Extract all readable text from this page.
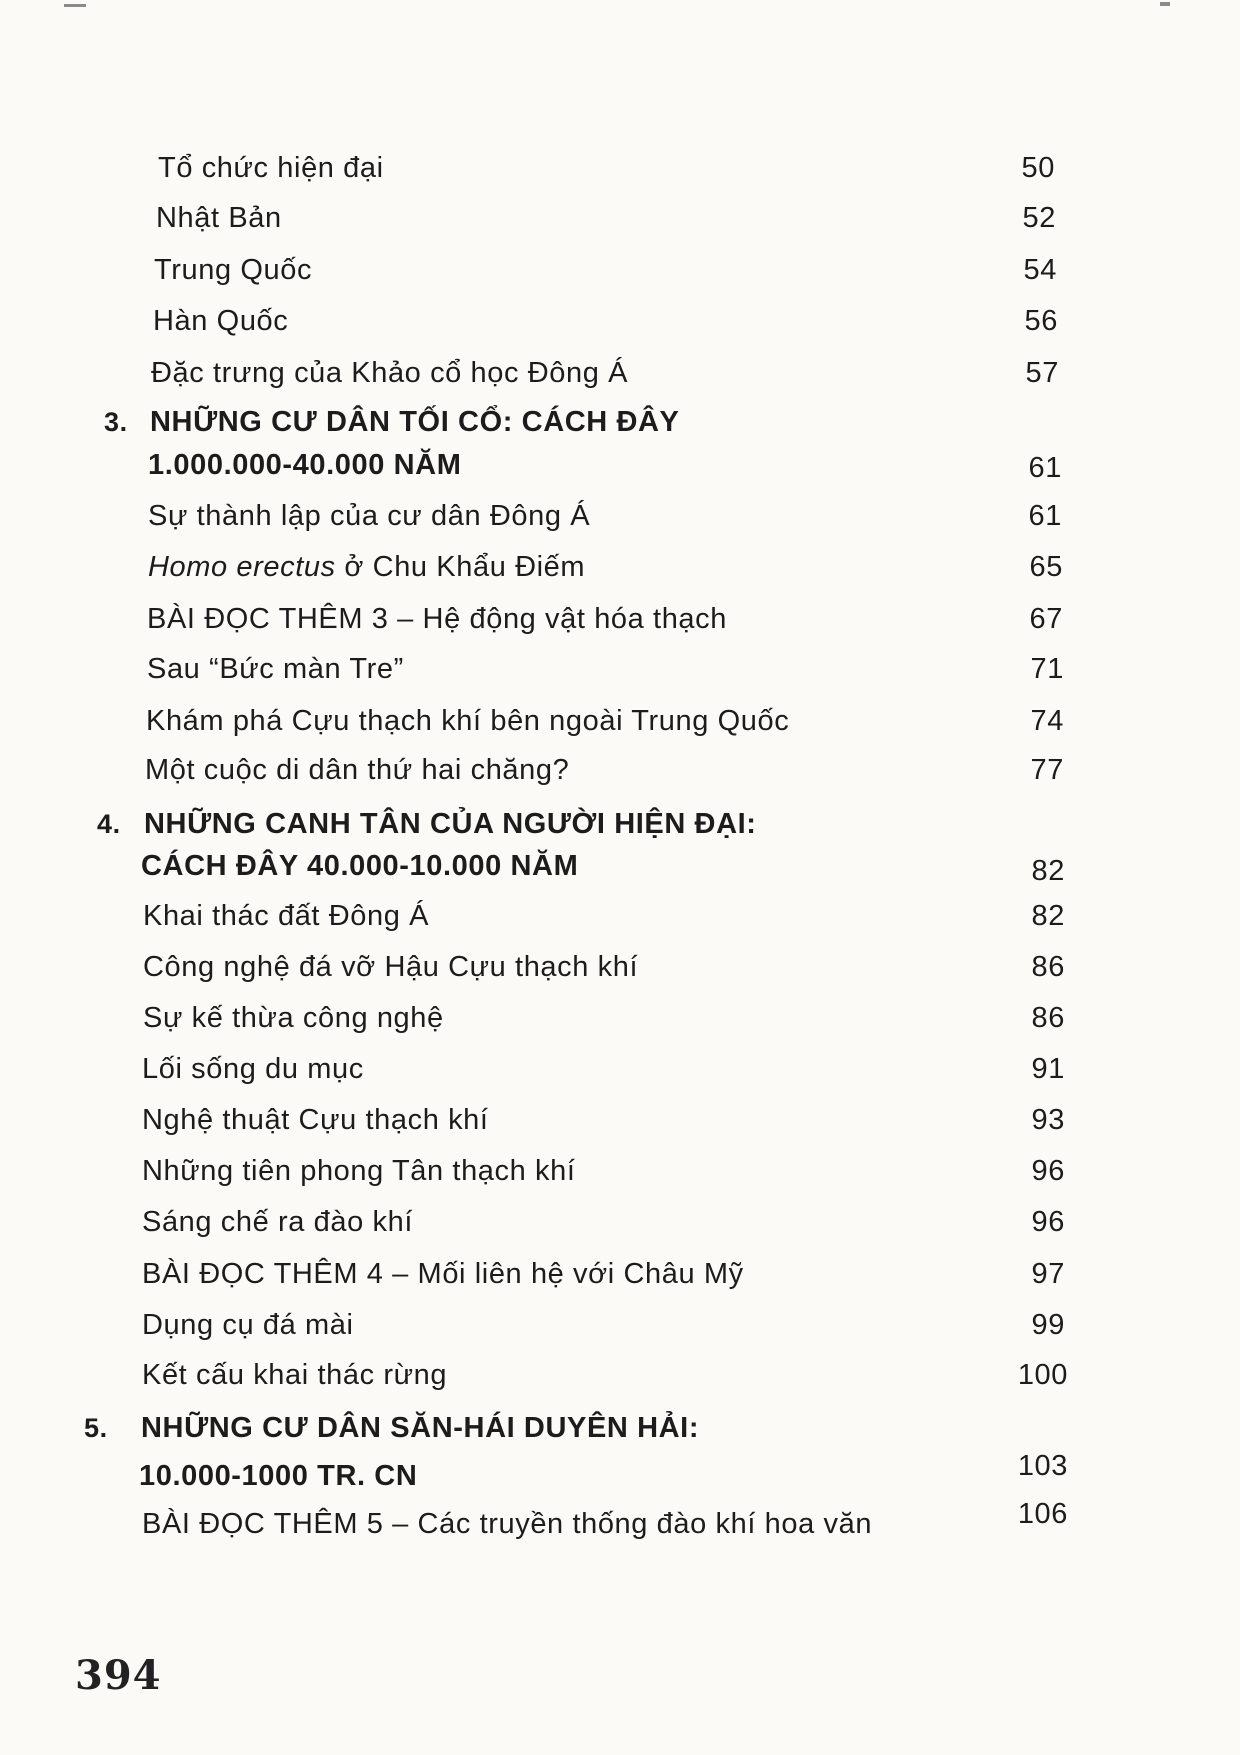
Tổ chức hiện đại	50
Nhật Bản	52
Trung Quốc	54
Hàn Quốc	56
Đặc trưng của Khảo cổ học Đông Á	57
3. NHỮNG CƯ DÂN TỐI CỔ: CÁCH ĐÂY
1.000.000-40.000 NĂM	61
Sự thành lập của cư dân Đông Á	61
Homo erectus ở Chu Khẩu Điếm	65
BÀI ĐỌC THÊM 3 – Hệ động vật hóa thạch	67
Sau “Bức màn Tre”	71
Khám phá Cựu thạch khí bên ngoài Trung Quốc	74
Một cuộc di dân thứ hai chăng?	77
4. NHỮNG CANH TÂN CỦA NGƯỜI HIỆN ĐẠI:
CÁCH ĐÂY 40.000-10.000 NĂM	82
Khai thác đất Đông Á	82
Công nghệ đá vỡ Hậu Cựu thạch khí	86
Sự kế thừa công nghệ	86
Lối sống du mục	91
Nghệ thuật Cựu thạch khí	93
Những tiên phong Tân thạch khí	96
Sáng chế ra đào khí	96
BÀI ĐỌC THÊM 4 – Mối liên hệ với Châu Mỹ	97
Dụng cụ đá mài	99
Kết cấu khai thác rừng	100
5. NHỮNG CƯ DÂN SĂN-HÁI DUYÊN HẢI:
10.000-1000 TR. CN	103
BÀI ĐỌC THÊM 5 – Các truyền thống đào khí hoa văn	106
394
